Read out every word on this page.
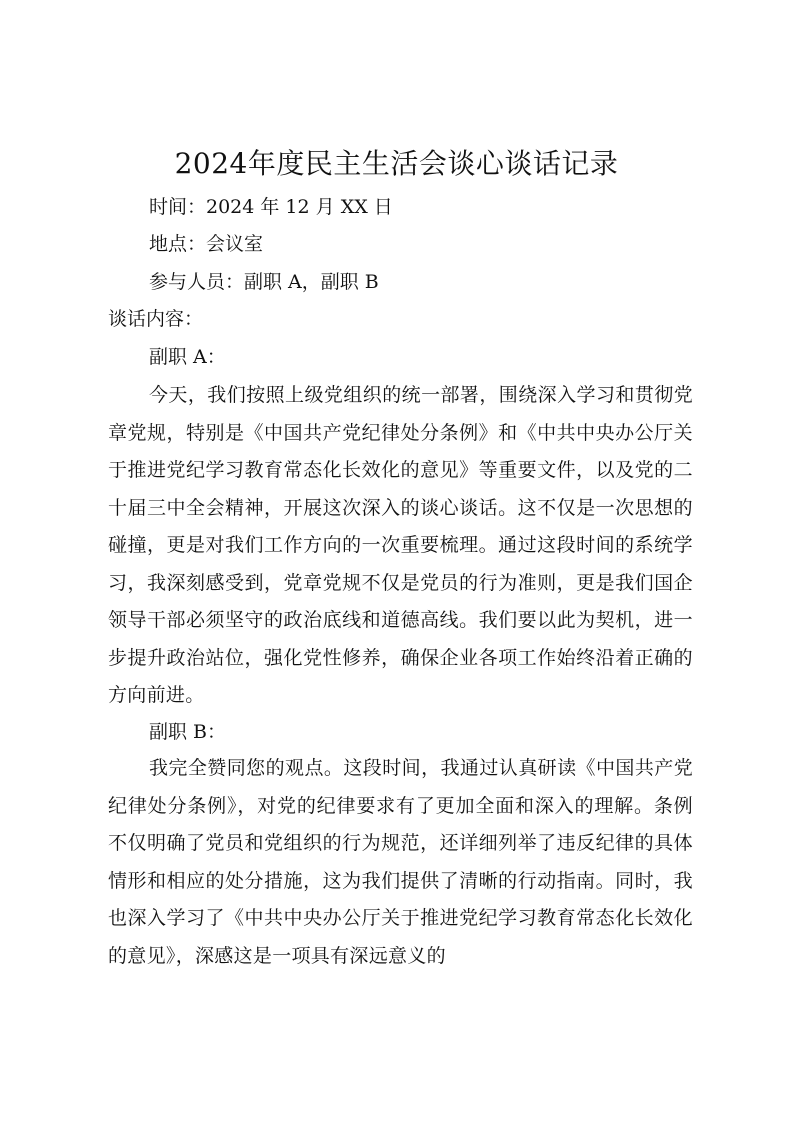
2024年度民主生活会谈心谈话记录
时间：2024 年 12 月 XX 日
地点：会议室
参与人员：副职 A，副职 B
谈话内容：
副职 A：
今天，我们按照上级党组织的统一部署，围绕深入学习和贯彻党章党规，特别是《中国共产党纪律处分条例》和《中共中央办公厅关于推进党纪学习教育常态化长效化的意见》等重要文件，以及党的二十届三中全会精神，开展这次深入的谈心谈话。这不仅是一次思想的碰撞，更是对我们工作方向的一次重要梳理。通过这段时间的系统学习，我深刻感受到，党章党规不仅是党员的行为准则，更是我们国企领导干部必须坚守的政治底线和道德高线。我们要以此为契机，进一步提升政治站位，强化党性修养，确保企业各项工作始终沿着正确的方向前进。
副职 B：
我完全赞同您的观点。这段时间，我通过认真研读《中国共产党纪律处分条例》，对党的纪律要求有了更加全面和深入的理解。条例不仅明确了党员和党组织的行为规范，还详细列举了违反纪律的具体情形和相应的处分措施，这为我们提供了清晰的行动指南。同时，我也深入学习了《中共中央办公厅关于推进党纪学习教育常态化长效化的意见》，深感这是一项具有深远意义的
